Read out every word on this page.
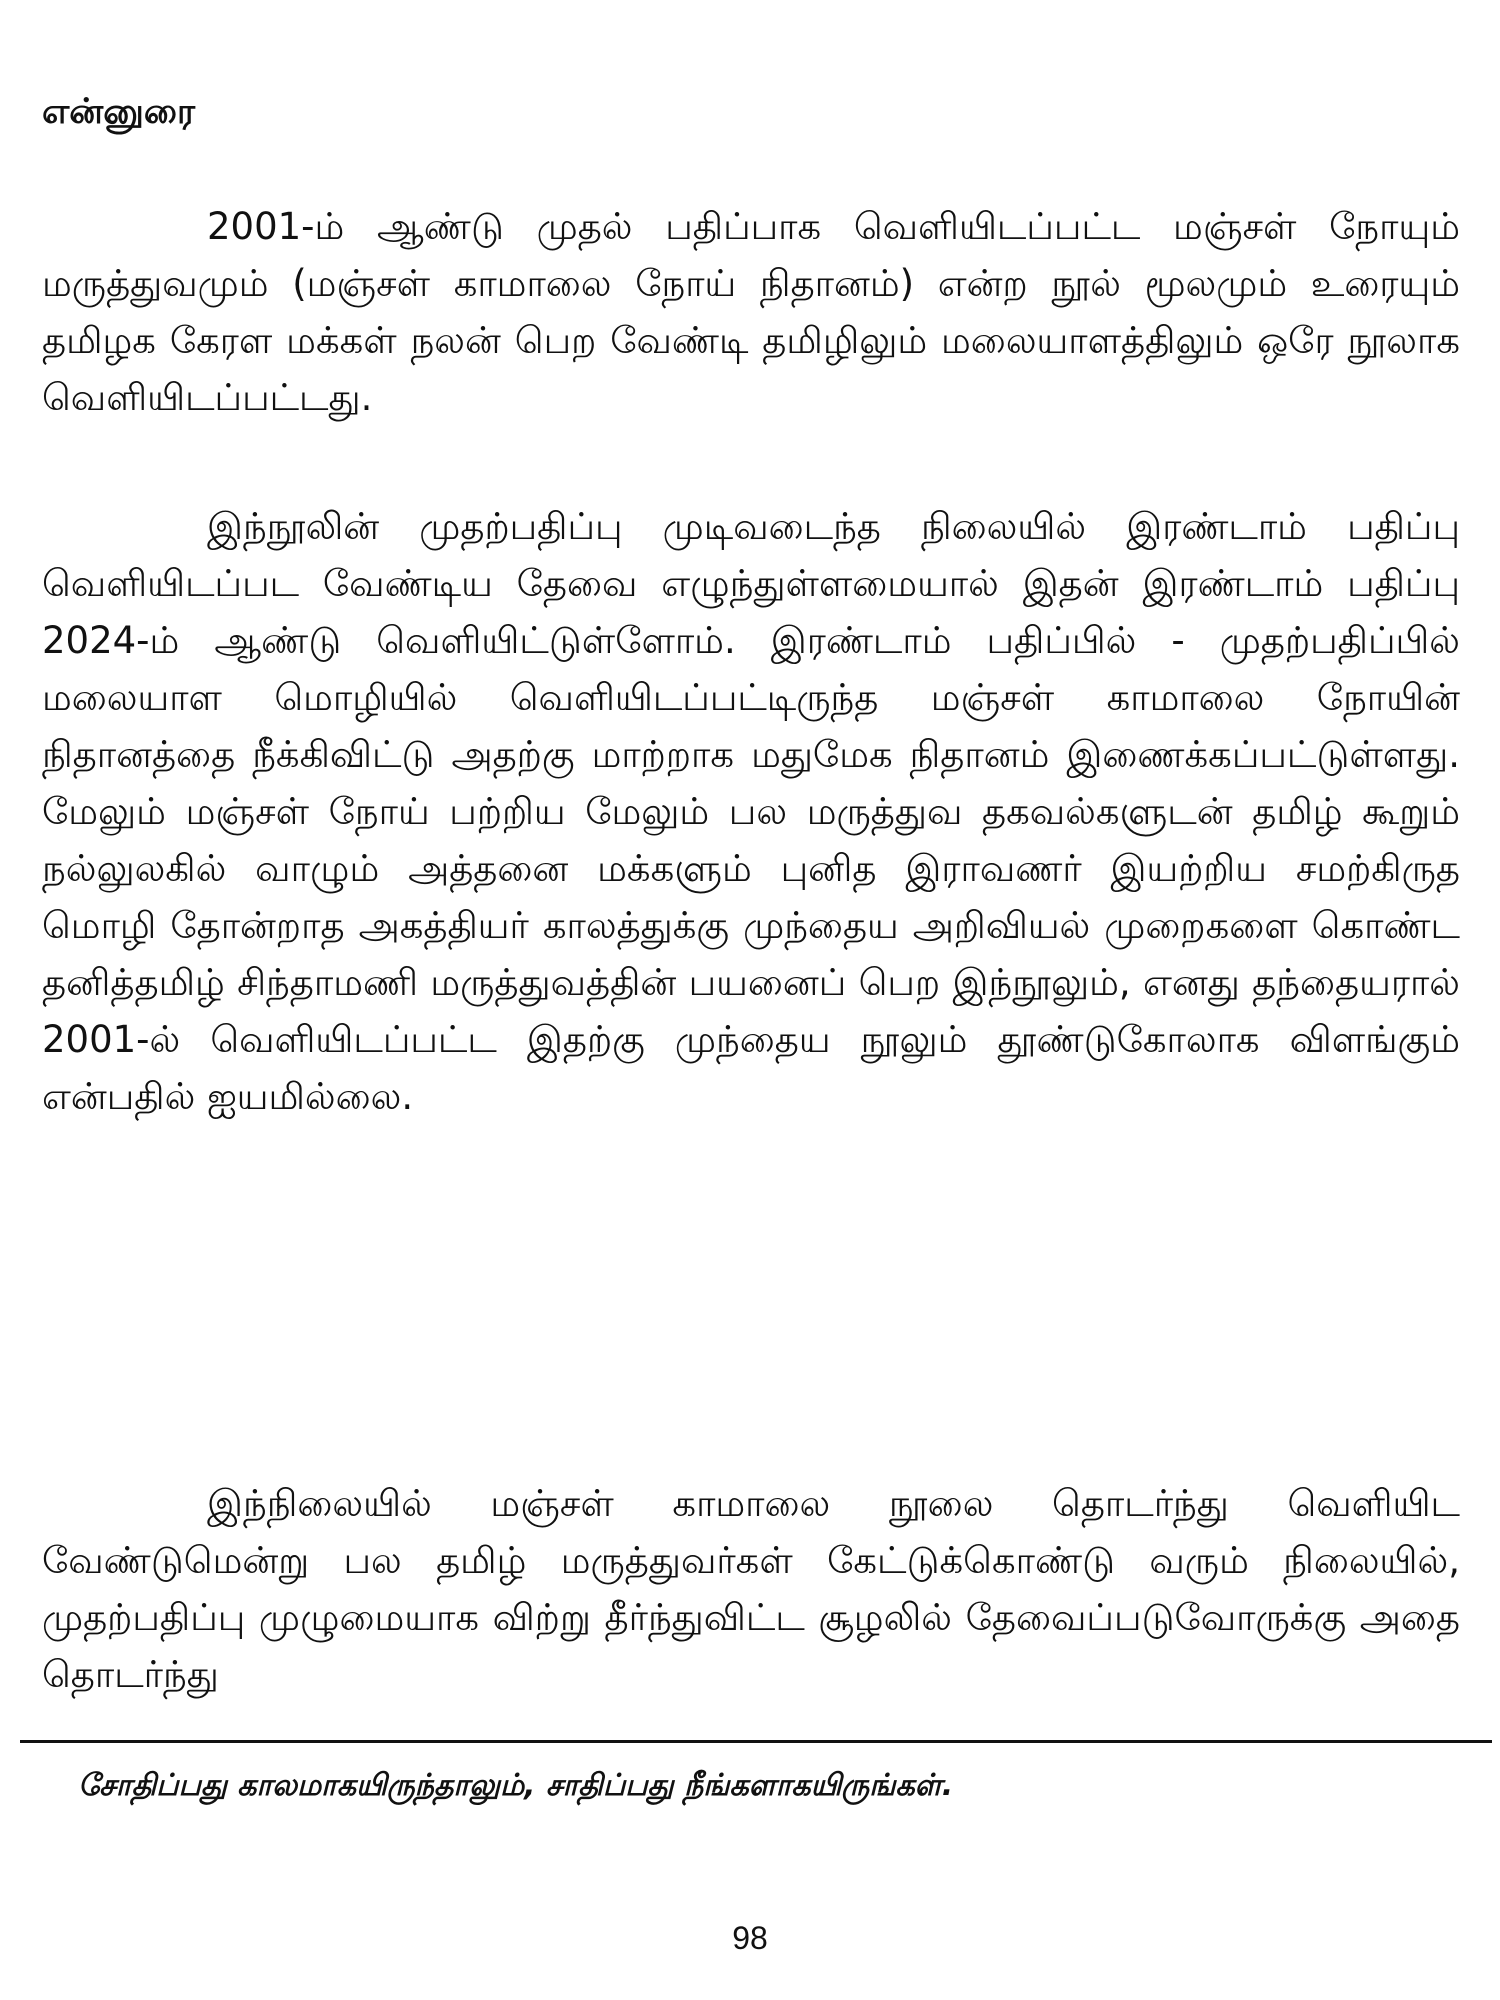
என்னுரை

2001-ம் ஆண்டு முதல் பதிப்பாக வெளியிடப்பட்ட மஞ்சள் நோயும் மருத்துவமும் (மஞ்சள் காமாலை நோய் நிதானம்) என்ற நூல் மூலமும் உரையும் தமிழக கேரள மக்கள் நலன் பெற வேண்டி தமிழிலும் மலையாளத்திலும் ஒரே நூலாக வெளியிடப்பட்டது.

இந்நூலின் முதற்பதிப்பு முடிவடைந்த நிலையில் இரண்டாம் பதிப்பு வெளியிடப்பட வேண்டிய தேவை எழுந்துள்ளமையால் இதன் இரண்டாம் பதிப்பு 2024-ம் ஆண்டு வெளியிட்டுள்ளோம். இரண்டாம் பதிப்பில் - முதற்பதிப்பில் மலையாள மொழியில் வெளியிடப்பட்டிருந்த மஞ்சள் காமாலை நோயின் நிதானத்தை நீக்கிவிட்டு அதற்கு மாற்றாக மதுமேக நிதானம் இணைக்கப்பட்டுள்ளது. மேலும் மஞ்சள் நோய் பற்றிய மேலும் பல மருத்துவ தகவல்களுடன் தமிழ் கூறும் நல்லுலகில் வாழும் அத்தனை மக்களும் புனித இராவணர் இயற்றிய சமற்கிருத மொழி தோன்றாத அகத்தியர் காலத்துக்கு முந்தைய அறிவியல் முறைகளை கொண்ட தனித்தமிழ் சிந்தாமணி மருத்துவத்தின் பயனைப் பெற இந்நூலும், எனது தந்தையரால் 2001-ல் வெளியிடப்பட்ட இதற்கு முந்தைய நூலும் தூண்டுகோலாக விளங்கும் என்பதில் ஐயமில்லை.

இந்நிலையில் மஞ்சள் காமாலை நூலை தொடர்ந்து வெளியிட வேண்டுமென்று பல தமிழ் மருத்துவர்கள் கேட்டுக்கொண்டு வரும் நிலையில், முதற்பதிப்பு முழுமையாக விற்று தீர்ந்துவிட்ட சூழலில் தேவைப்படுவோருக்கு அதை தொடர்ந்து

சோதிப்பது காலமாகயிருந்தாலும், சாதிப்பது நீங்களாகயிருங்கள்.

98
